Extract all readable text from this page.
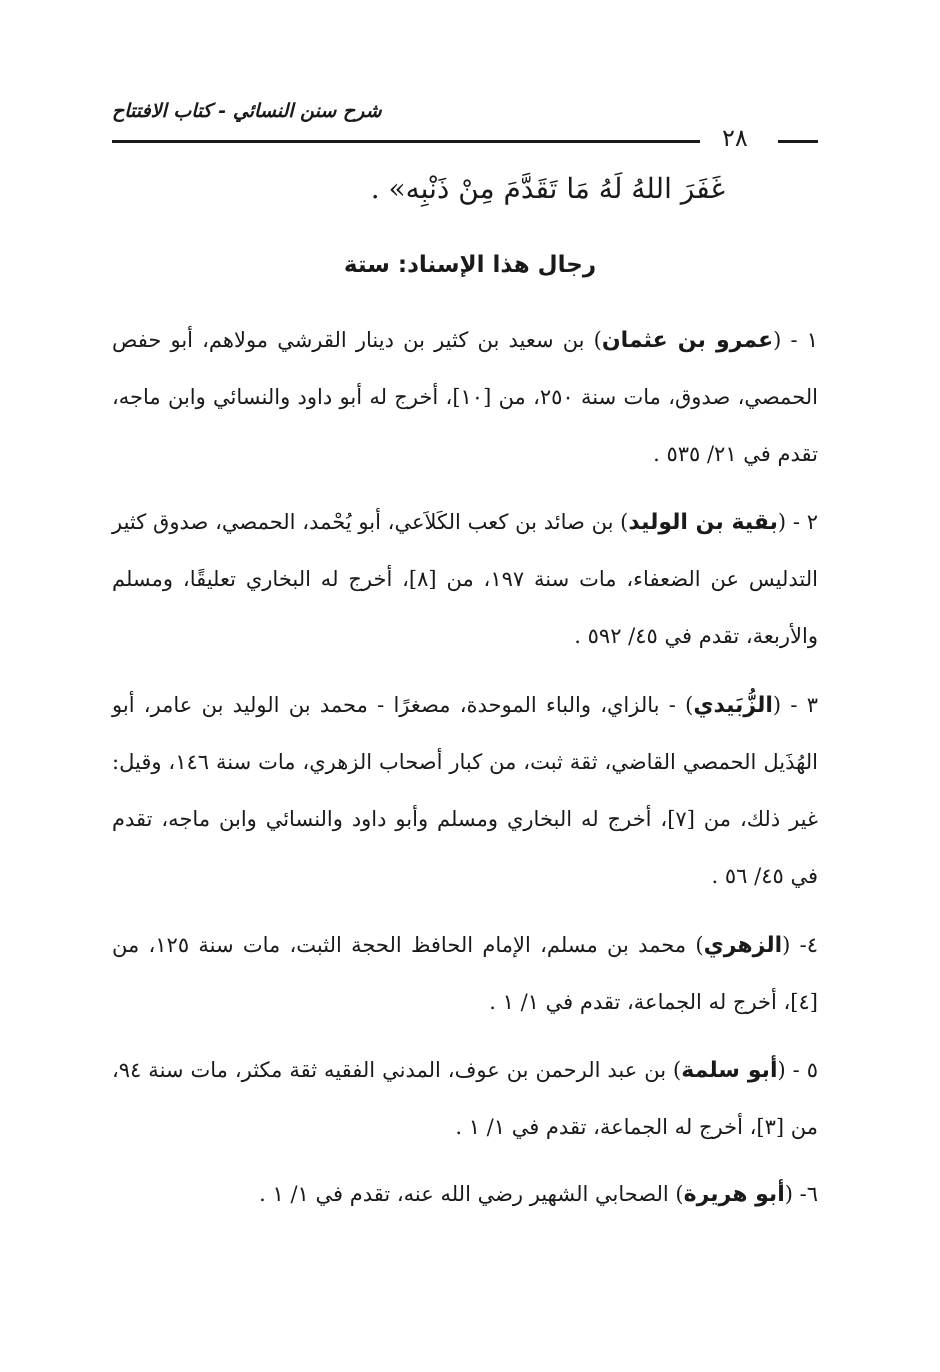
شرح سنن النسائي - كتاب الافتتاح
٢٨
غَفَرَ اللهُ لَهُ مَا تَقَدَّمَ مِنْ ذَنْبِه» .
رجال هذا الإسناد: ستة

١ - (عمرو بن عثمان) بن سعيد بن كثير بن دينار القرشي مولاهم، أبو حفص الحمصي، صدوق، مات سنة ٢٥٠، من [١٠]، أخرج له أبو داود والنسائي وابن ماجه، تقدم في ٢١/ ٥٣٥ .

٢ - (بقية بن الوليد) بن صائد بن كعب الكَلاَعي، أبو يُحْمد، الحمصي، صدوق كثير التدليس عن الضعفاء، مات سنة ١٩٧، من [٨]، أخرج له البخاري تعليقًا، ومسلم والأربعة، تقدم في ٤٥/ ٥٩٢ .

٣ - (الزُّبَيدي) - بالزاي، والباء الموحدة، مصغرًا - محمد بن الوليد بن عامر، أبو الهُذَيل الحمصي القاضي، ثقة ثبت، من كبار أصحاب الزهري، مات سنة ١٤٦، وقيل: غير ذلك، من [٧]، أخرج له البخاري ومسلم وأبو داود والنسائي وابن ماجه، تقدم في ٤٥/ ٥٦ .

٤- (الزهري) محمد بن مسلم، الإمام الحافظ الحجة الثبت، مات سنة ١٢٥، من [٤]، أخرج له الجماعة، تقدم في ١/ ١ .

٥ - (أبو سلمة) بن عبد الرحمن بن عوف، المدني الفقيه ثقة مكثر، مات سنة ٩٤، من [٣]، أخرج له الجماعة، تقدم في ١/ ١ .

٦- (أبو هريرة) الصحابي الشهير رضي الله عنه، تقدم في ١/ ١ .
